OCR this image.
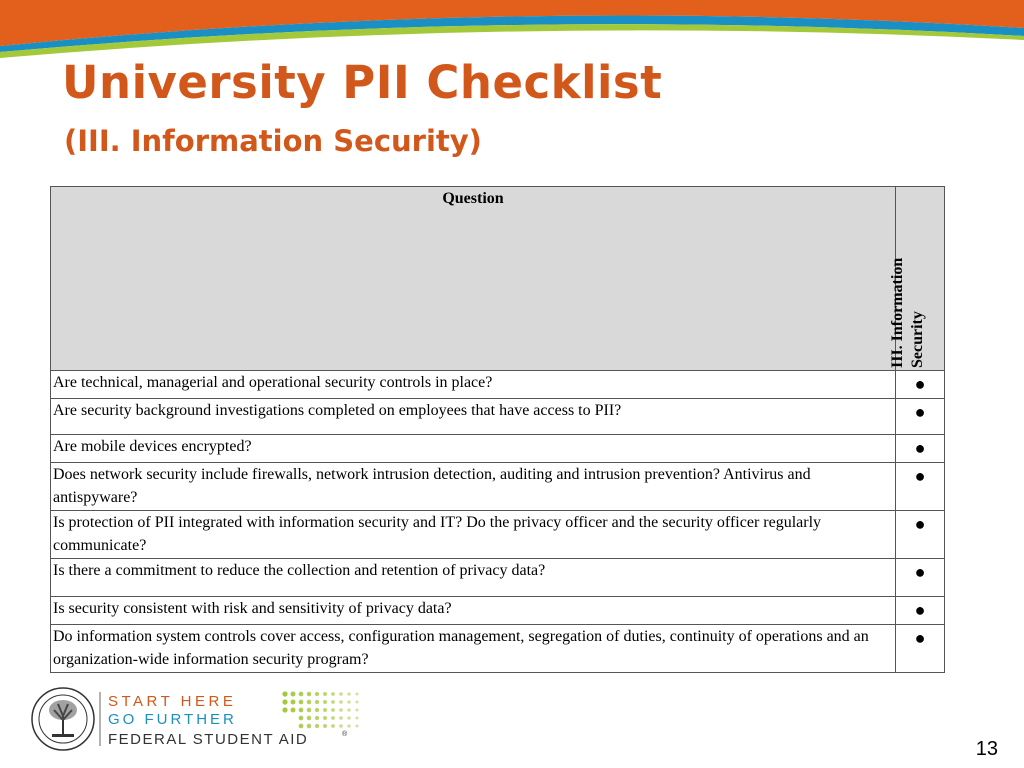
University PII Checklist
(III. Information Security)
Question	III. Information Security

Are technical, managerial and operational security controls in place?	●
Are security background investigations completed on employees that have access to PII?	●
Are mobile devices encrypted?	●
Does network security include firewalls, network intrusion detection, auditing and intrusion prevention? Antivirus and antispyware?	●
Is protection of PII integrated with information security and IT? Do the privacy officer and the security officer regularly communicate?	●
Is there a commitment to reduce the collection and retention of privacy data?	●
Is security consistent with risk and sensitivity of privacy data?	●
Do information system controls cover access, configuration management, segregation of duties, continuity of operations and an organization-wide information security program?	●
START HERE
GO FURTHER
FEDERAL STUDENT AID	®
13
